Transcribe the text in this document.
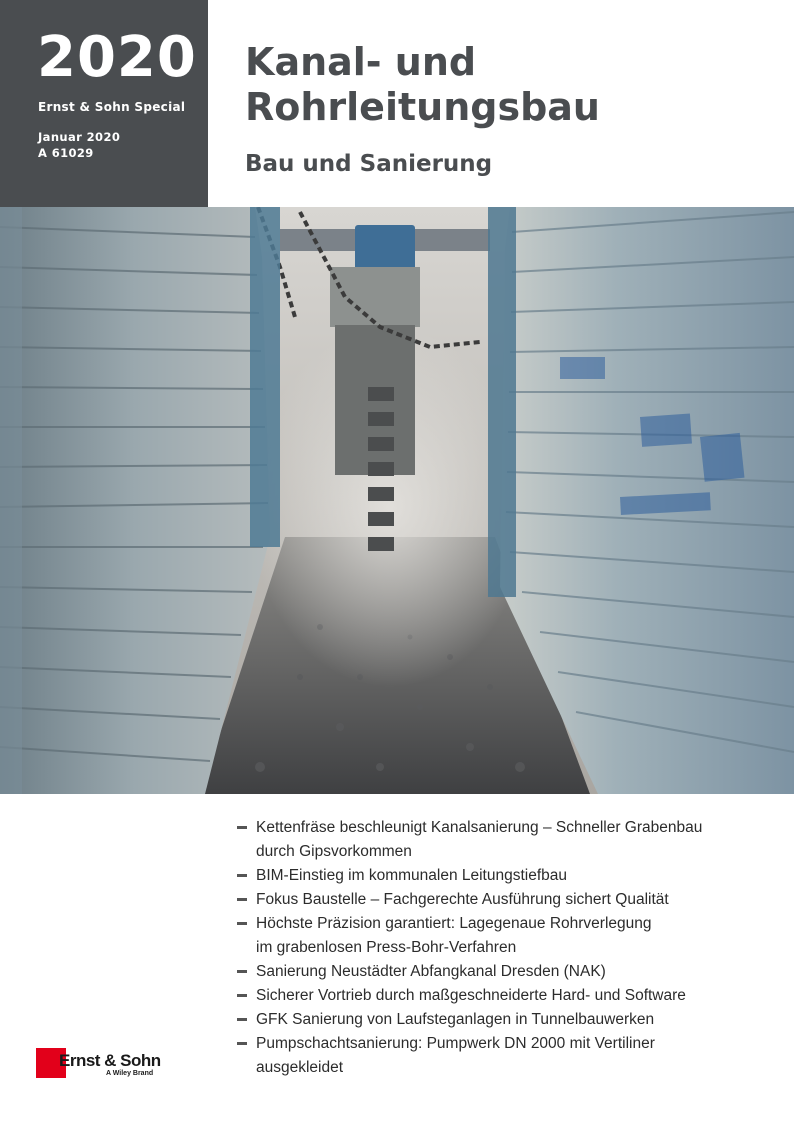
2020
Ernst & Sohn Special
Januar 2020
A 61029
Kanal- und
Rohrleitungsbau
Bau und Sanierung
Kettenfräse beschleunigt Kanalsanierung – Schneller Grabenbau
durch Gipsvorkommen
BIM-Einstieg im kommunalen Leitungstiefbau
Fokus Baustelle – Fachgerechte Ausführung sichert Qualität
Höchste Präzision garantiert: Lagegenaue Rohrverlegung
im grabenlosen Press-Bohr-Verfahren
Sanierung Neustädter Abfangkanal Dresden (NAK)
Sicherer Vortrieb durch maßgeschneiderte Hard- und Software
GFK Sanierung von Laufsteganlagen in Tunnelbauwerken
Pumpschachtsanierung: Pumpwerk DN 2000 mit Vertiliner
ausgekleidet
Ernst & Sohn
A Wiley Brand
